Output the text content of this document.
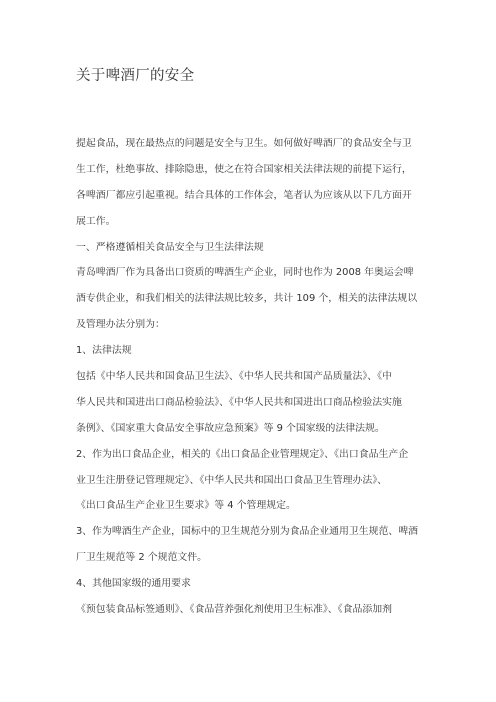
关于啤酒厂的安全
提起食品，现在最热点的问题是安全与卫生。如何做好啤酒厂的食品安全与卫
生工作，杜绝事故、排除隐患，使之在符合国家相关法律法规的前提下运行，
各啤酒厂都应引起重视。结合具体的工作体会，笔者认为应该从以下几方面开
展工作。
一、严格遵循相关食品安全与卫生法律法规
青岛啤酒厂作为具备出口资质的啤酒生产企业，同时也作为 2008 年奥运会啤
酒专供企业，和我们相关的法律法规比较多，共计 109 个，相关的法律法规以
及管理办法分别为：
1、法律法规
包括《中华人民共和国食品卫生法》、《中华人民共和国产品质量法》、《中
华人民共和国进出口商品检验法》、《中华人民共和国进出口商品检验法实施
条例》、《国家重大食品安全事故应急预案》等 9 个国家级的法律法规。
2、作为出口食品企业，相关的《出口食品企业管理规定》、《出口食品生产企
业卫生注册登记管理规定》、《中华人民共和国出口食品卫生管理办法》、
《出口食品生产企业卫生要求》等 4 个管理规定。
3、作为啤酒生产企业，国标中的卫生规范分别为食品企业通用卫生规范、啤酒
厂卫生规范等 2 个规范文件。
4、其他国家级的通用要求
《预包装食品标签通则》、《食品营养强化剂使用卫生标准》、《食品添加剂
